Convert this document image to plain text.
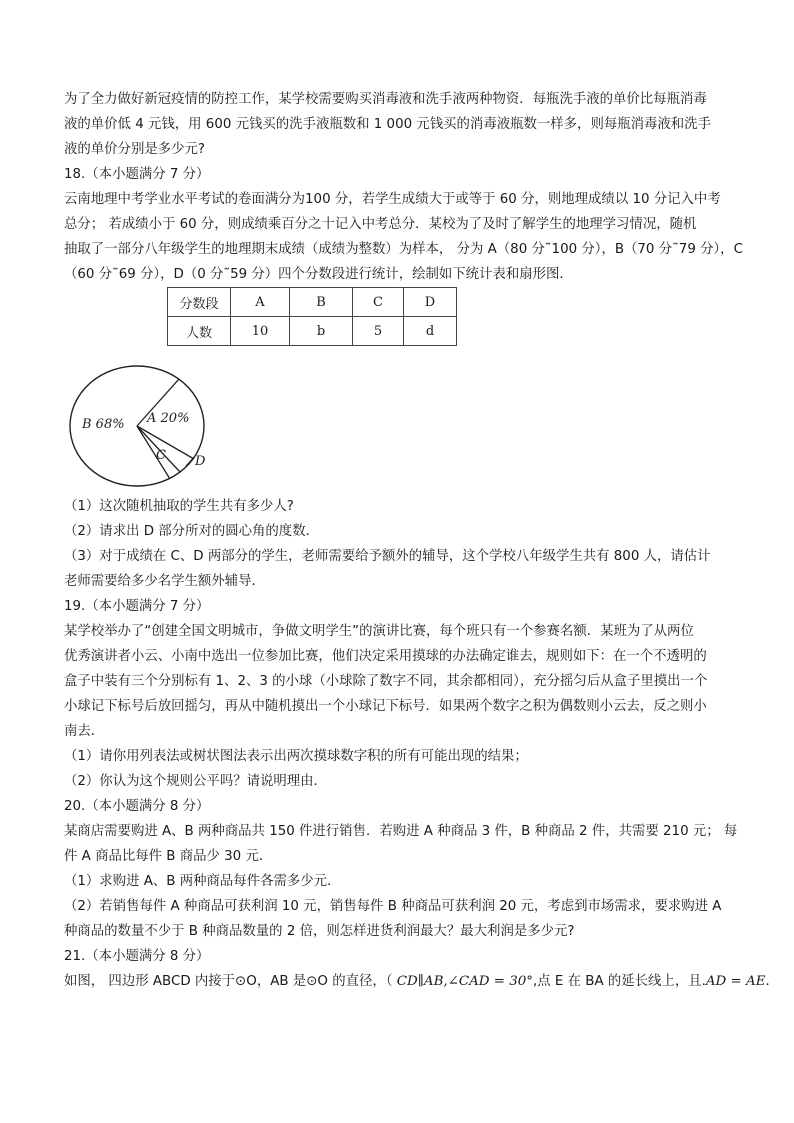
为了全力做好新冠疫情的防控工作，某学校需要购买消毒液和洗手液两种物资．每瓶洗手液的单价比每瓶消毒
液的单价低 4 元钱，用 600 元钱买的洗手液瓶数和 1 000 元钱买的消毒液瓶数一样多，则每瓶消毒液和洗手
液的单价分别是多少元?
18.（本小题满分 7 分）
云南地理中考学业水平考试的卷面满分为100 分，若学生成绩大于或等于 60 分，则地理成绩以 10 分记入中考
总分； 若成绩小于 60 分，则成绩乘百分之十记入中考总分．某校为了及时了解学生的地理学习情况，随机
抽取了一部分八年级学生的地理期末成绩（成绩为整数）为样本， 分为 A（80 分˜100 分），B（70 分˜79 分），C
（60 分˜69 分），D（0 分˜59 分）四个分数段进行统计，绘制如下统计表和扇形图．
分数段	A	B	C	D
人数	10	b	5	d
A 20%
B 68%
C D
（1）这次随机抽取的学生共有多少人?
（2）请求出 D 部分所对的圆心角的度数．
（3）对于成绩在 C、D 两部分的学生，老师需要给予额外的辅导，这个学校八年级学生共有 800 人，请估计
老师需要给多少名学生额外辅导．
19.（本小题满分 7 分）
某学校举办了“创建全国文明城市，争做文明学生”的演讲比赛，每个班只有一个参赛名额．某班为了从两位
优秀演讲者小云、小南中选出一位参加比赛，他们决定采用摸球的办法确定谁去，规则如下：在一个不透明的
盒子中装有三个分别标有 1、2、3 的小球（小球除了数字不同，其余都相同），充分摇匀后从盒子里摸出一个
小球记下标号后放回摇匀，再从中随机摸出一个小球记下标号．如果两个数字之积为偶数则小云去，反之则小
南去．
（1）请你用列表法或树状图法表示出两次摸球数字积的所有可能出现的结果；
（2）你认为这个规则公平吗？请说明理由．
20.（本小题满分 8 分）
某商店需要购进 A、B 两种商品共 150 件进行销售．若购进 A 种商品 3 件，B 种商品 2 件，共需要 210 元； 每
件 A 商品比每件 B 商品少 30 元．
（1）求购进 A、B 两种商品每件各需多少元．
（2）若销售每件 A 种商品可获利润 10 元，销售每件 B 种商品可获利润 20 元，考虑到市场需求，要求购进 A
种商品的数量不少于 B 种商品数量的 2 倍，则怎样进货利润最大？最大利润是多少元?
21.（本小题满分 8 分）
如图， 四边形 ABCD 内接于⊙O，AB 是⊙O 的直径，（ CD∥AB,∠CAD = 30°,点 E 在 BA 的延长线上，且.AD = AE．
